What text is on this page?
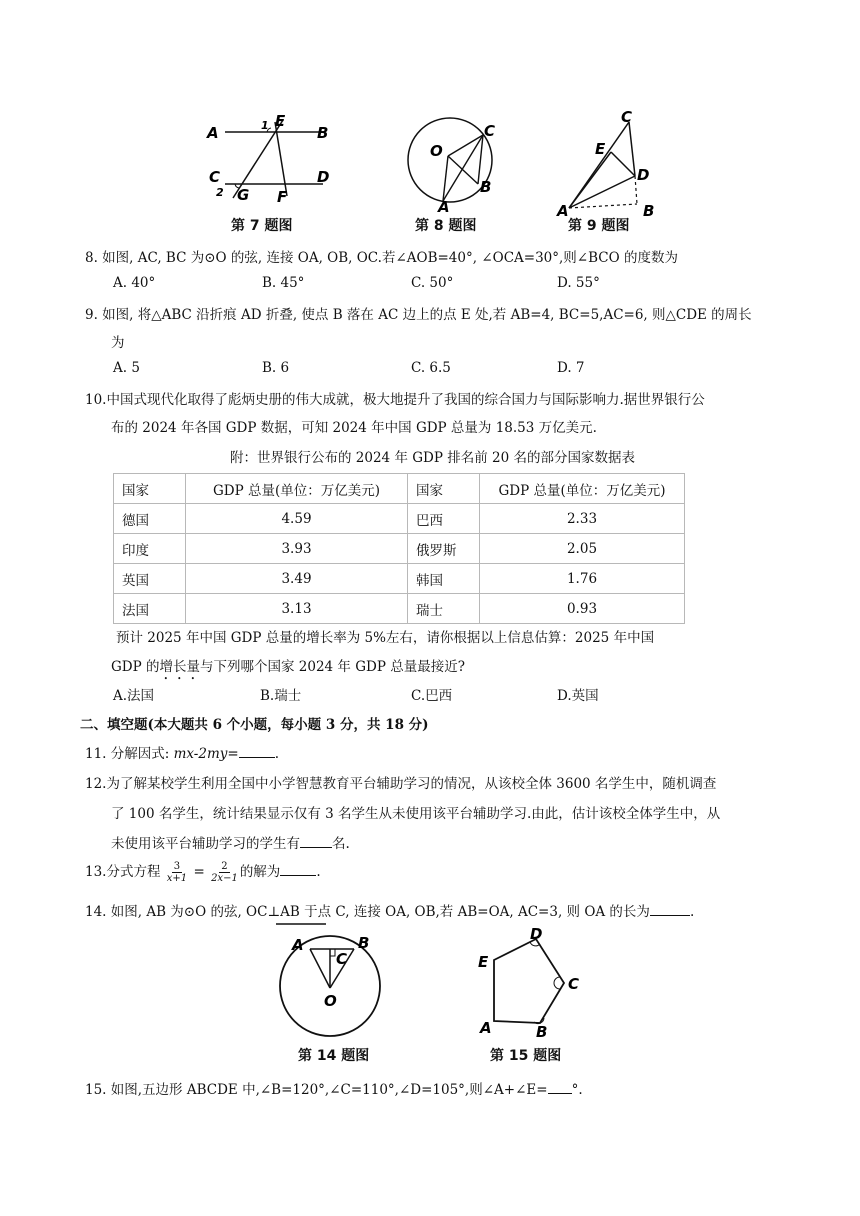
A	1 E
B
C
2 G F
D
第 7 题图
O
C
B
A
第 8 题图
C
E
D
A	B
第 9 题图
8. 如图, AC, BC 为⊙O 的弦, 连接 OA, OB, OC.若∠AOB=40°, ∠OCA=30°,则∠BCO 的度数为
A. 40°	B. 45°	C. 50°	D. 55°
9. 如图, 将△ABC 沿折痕 AD 折叠, 使点 B 落在 AC 边上的点 E 处,若 AB=4, BC=5,AC=6, 则△CDE 的周长
为
A. 5	B. 6	C. 6.5	D. 7
10.中国式现代化取得了彪炳史册的伟大成就，极大地提升了我国的综合国力与国际影响力.据世界银行公
布的 2024 年各国 GDP 数据，可知 2024 年中国 GDP 总量为 18.53 万亿美元.
附：世界银行公布的 2024 年 GDP 排名前 20 名的部分国家数据表
国家	GDP 总量(单位：万亿美元)	国家	GDP 总量(单位：万亿美元)
德国	4.59	巴西	2.33
印度	3.93	俄罗斯	2.05
英国	3.49	韩国	1.76
法国	3.13	瑞士	0.93
预计 2025 年中国 GDP 总量的增长率为 5%左右，请你根据以上信息估算：2025 年中国
GDP 的增长量与下列哪个国家 2024 年 GDP 总量最接近?
A.法国	B.瑞士	C.巴西	D.英国
二、填空题(本大题共 6 个小题，每小题 3 分，共 18 分)
11. 分解因式: mx-2my=	.
12.为了解某校学生利用全国中小学智慧教育平台辅助学习的情况，从该校全体 3600 名学生中，随机调查
了 100 名学生，统计结果显示仅有 3 名学生从未使用该平台辅助学习.由此，估计该校全体学生中，从
未使用该平台辅助学习的学生有 名.
13.分式方程 $\frac{3}{x+1} = \frac{2}{2x-1}$ 的解为	.
14. 如图, AB 为⊙O 的弦, OC⊥AB 于点 C, 连接 OA, OB,若 AB=OA, AC=3, 则 OA 的长为	.
A
C
B
O
第 14 题图
D
E
C
A	B
第 15 题图
15. 如图,五边形 ABCDE 中,∠B=120°,∠C=110°,∠D=105°,则∠A+∠E= °.
